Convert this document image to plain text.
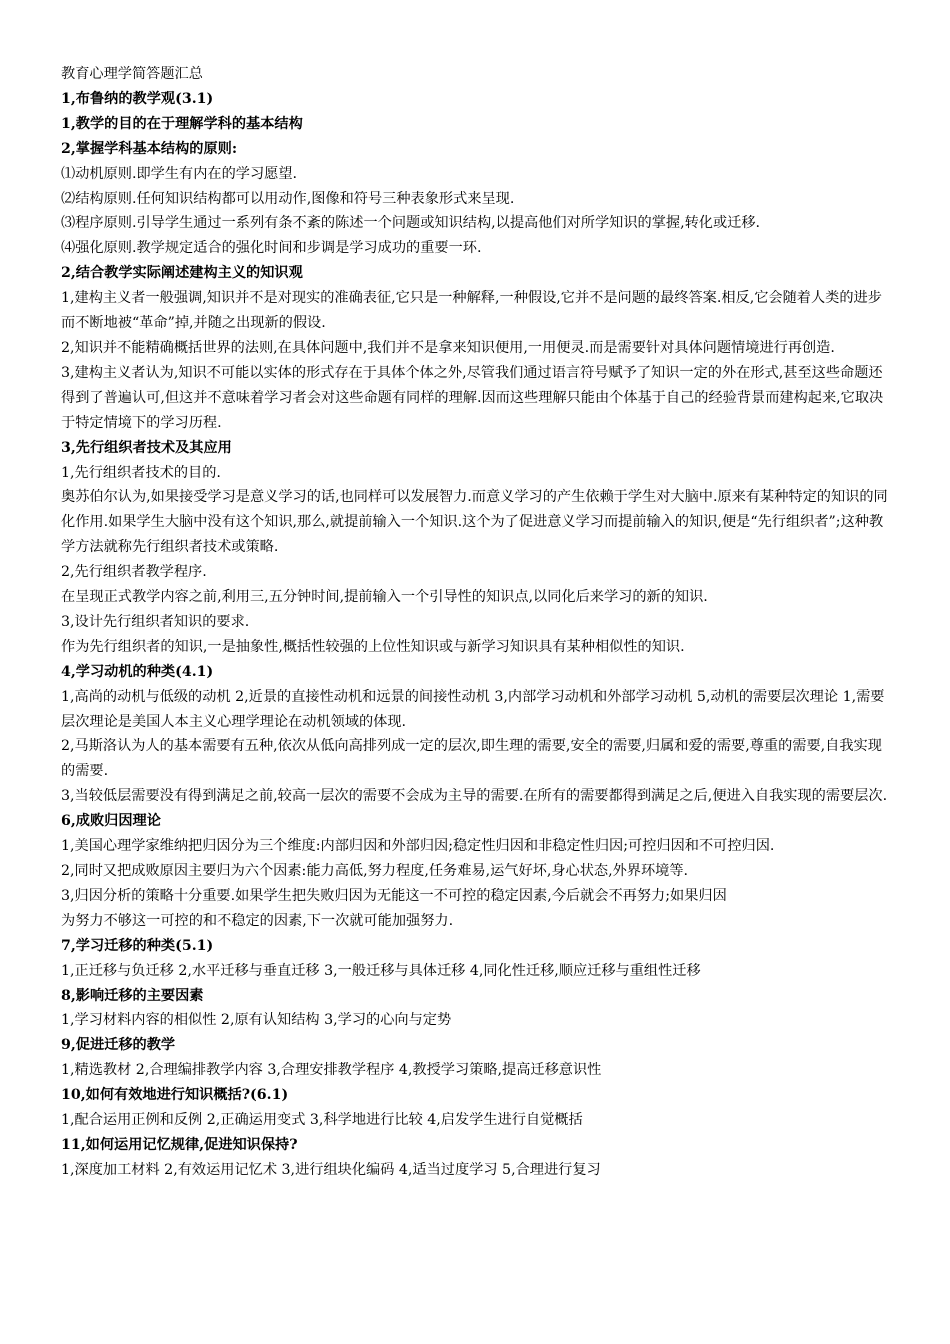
教育心理学简答题汇总

1,布鲁纳的教学观(3.1)

1,教学的目的在于理解学科的基本结构

2,掌握学科基本结构的原则:

⑴动机原则.即学生有内在的学习愿望.

⑵结构原则.任何知识结构都可以用动作,图像和符号三种表象形式来呈现.

⑶程序原则.引导学生通过一系列有条不紊的陈述一个问题或知识结构,以提高他们对所学知识的掌握,转化或迁移.

⑷强化原则.教学规定适合的强化时间和步调是学习成功的重要一环.

2,结合教学实际阐述建构主义的知识观

1,建构主义者一般强调,知识并不是对现实的准确表征,它只是一种解释,一种假设,它并不是问题的最终答案.相反,它会随着人类的进步而不断地被“革命”掉,并随之出现新的假设.

2,知识并不能精确概括世界的法则,在具体问题中,我们并不是拿来知识便用,一用便灵.而是需要针对具体问题情境进行再创造.

3,建构主义者认为,知识不可能以实体的形式存在于具体个体之外,尽管我们通过语言符号赋予了知识一定的外在形式,甚至这些命题还得到了普遍认可,但这并不意味着学习者会对这些命题有同样的理解.因而这些理解只能由个体基于自己的经验背景而建构起来,它取决于特定情境下的学习历程.

3,先行组织者技术及其应用

1,先行组织者技术的目的.

奥苏伯尔认为,如果接受学习是意义学习的话,也同样可以发展智力.而意义学习的产生依赖于学生对大脑中.原来有某种特定的知识的同化作用.如果学生大脑中没有这个知识,那么,就提前输入一个知识.这个为了促进意义学习而提前输入的知识,便是“先行组织者”;这种教学方法就称先行组织者技术或策略.

2,先行组织者教学程序.

在呈现正式教学内容之前,利用三,五分钟时间,提前输入一个引导性的知识点,以同化后来学习的新的知识.

3,设计先行组织者知识的要求.

作为先行组织者的知识,一是抽象性,概括性较强的上位性知识或与新学习知识具有某种相似性的知识.

4,学习动机的种类(4.1)

1,高尚的动机与低级的动机 2,近景的直接性动机和远景的间接性动机 3,内部学习动机和外部学习动机 5,动机的需要层次理论 1,需要层次理论是美国人本主义心理学理论在动机领域的体现.

2,马斯洛认为人的基本需要有五种,依次从低向高排列成一定的层次,即生理的需要,安全的需要,归属和爱的需要,尊重的需要,自我实现的需要.

3,当较低层需要没有得到满足之前,较高一层次的需要不会成为主导的需要.在所有的需要都得到满足之后,便进入自我实现的需要层次.

6,成败归因理论

1,美国心理学家维纳把归因分为三个维度:内部归因和外部归因;稳定性归因和非稳定性归因;可控归因和不可控归因.

2,同时又把成败原因主要归为六个因素:能力高低,努力程度,任务难易,运气好坏,身心状态,外界环境等.

3,归因分析的策略十分重要.如果学生把失败归因为无能这一不可控的稳定因素,今后就会不再努力;如果归因

为努力不够这一可控的和不稳定的因素,下一次就可能加强努力.

7,学习迁移的种类(5.1)

1,正迁移与负迁移 2,水平迁移与垂直迁移 3,一般迁移与具体迁移 4,同化性迁移,顺应迁移与重组性迁移

8,影响迁移的主要因素

1,学习材料内容的相似性 2,原有认知结构 3,学习的心向与定势

9,促进迁移的教学

1,精选教材 2,合理编排教学内容 3,合理安排教学程序 4,教授学习策略,提高迁移意识性

10,如何有效地进行知识概括?(6.1)

1,配合运用正例和反例 2,正确运用变式 3,科学地进行比较 4,启发学生进行自觉概括

11,如何运用记忆规律,促进知识保持?

1,深度加工材料 2,有效运用记忆术 3,进行组块化编码 4,适当过度学习 5,合理进行复习
